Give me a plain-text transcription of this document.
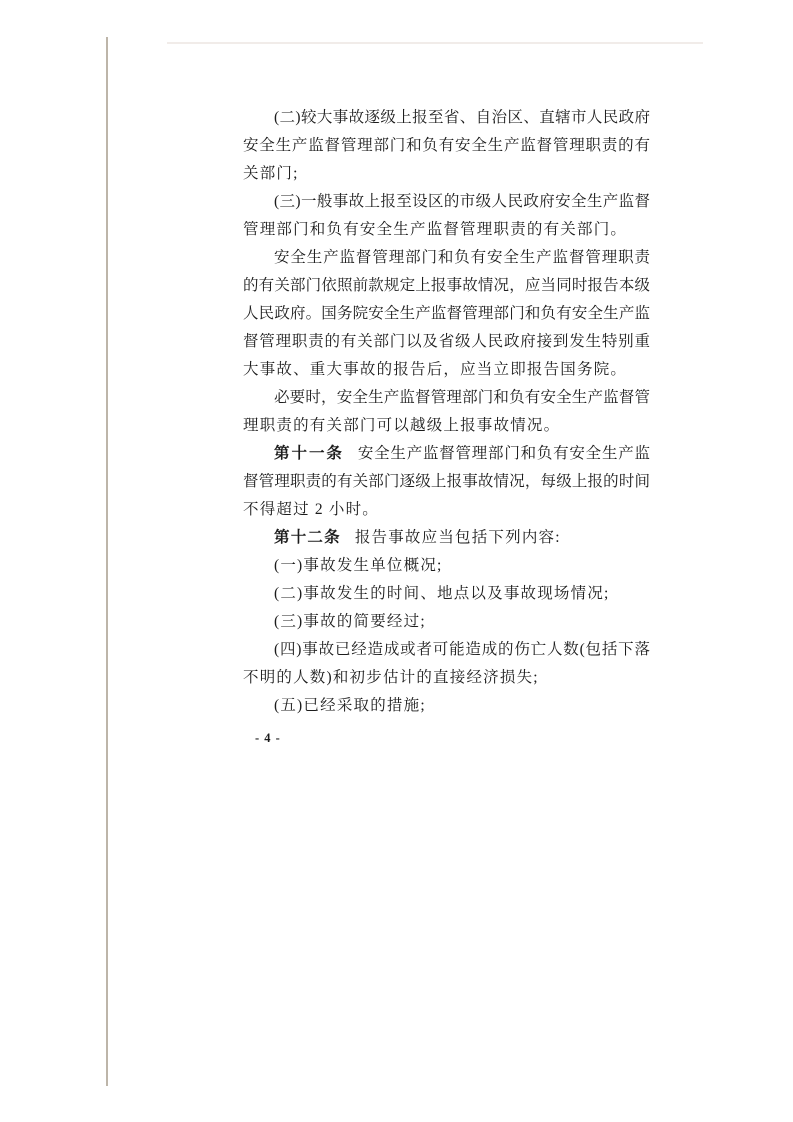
(二)较大事故逐级上报至省、自治区、直辖市人民政府
安全生产监督管理部门和负有安全生产监督管理职责的有
关部门;
(三)一般事故上报至设区的市级人民政府安全生产监督
管理部门和负有安全生产监督管理职责的有关部门。
安全生产监督管理部门和负有安全生产监督管理职责
的有关部门依照前款规定上报事故情况，应当同时报告本级
人民政府。国务院安全生产监督管理部门和负有安全生产监
督管理职责的有关部门以及省级人民政府接到发生特别重
大事故、重大事故的报告后，应当立即报告国务院。
必要时，安全生产监督管理部门和负有安全生产监督管
理职责的有关部门可以越级上报事故情况。
第十一条 安全生产监督管理部门和负有安全生产监
督管理职责的有关部门逐级上报事故情况，每级上报的时间
不得超过 2 小时。
第十二条 报告事故应当包括下列内容:
(一)事故发生单位概况;
(二)事故发生的时间、地点以及事故现场情况;
(三)事故的简要经过;
(四)事故已经造成或者可能造成的伤亡人数(包括下落
不明的人数)和初步估计的直接经济损失;
(五)已经采取的措施;
- 4 -
